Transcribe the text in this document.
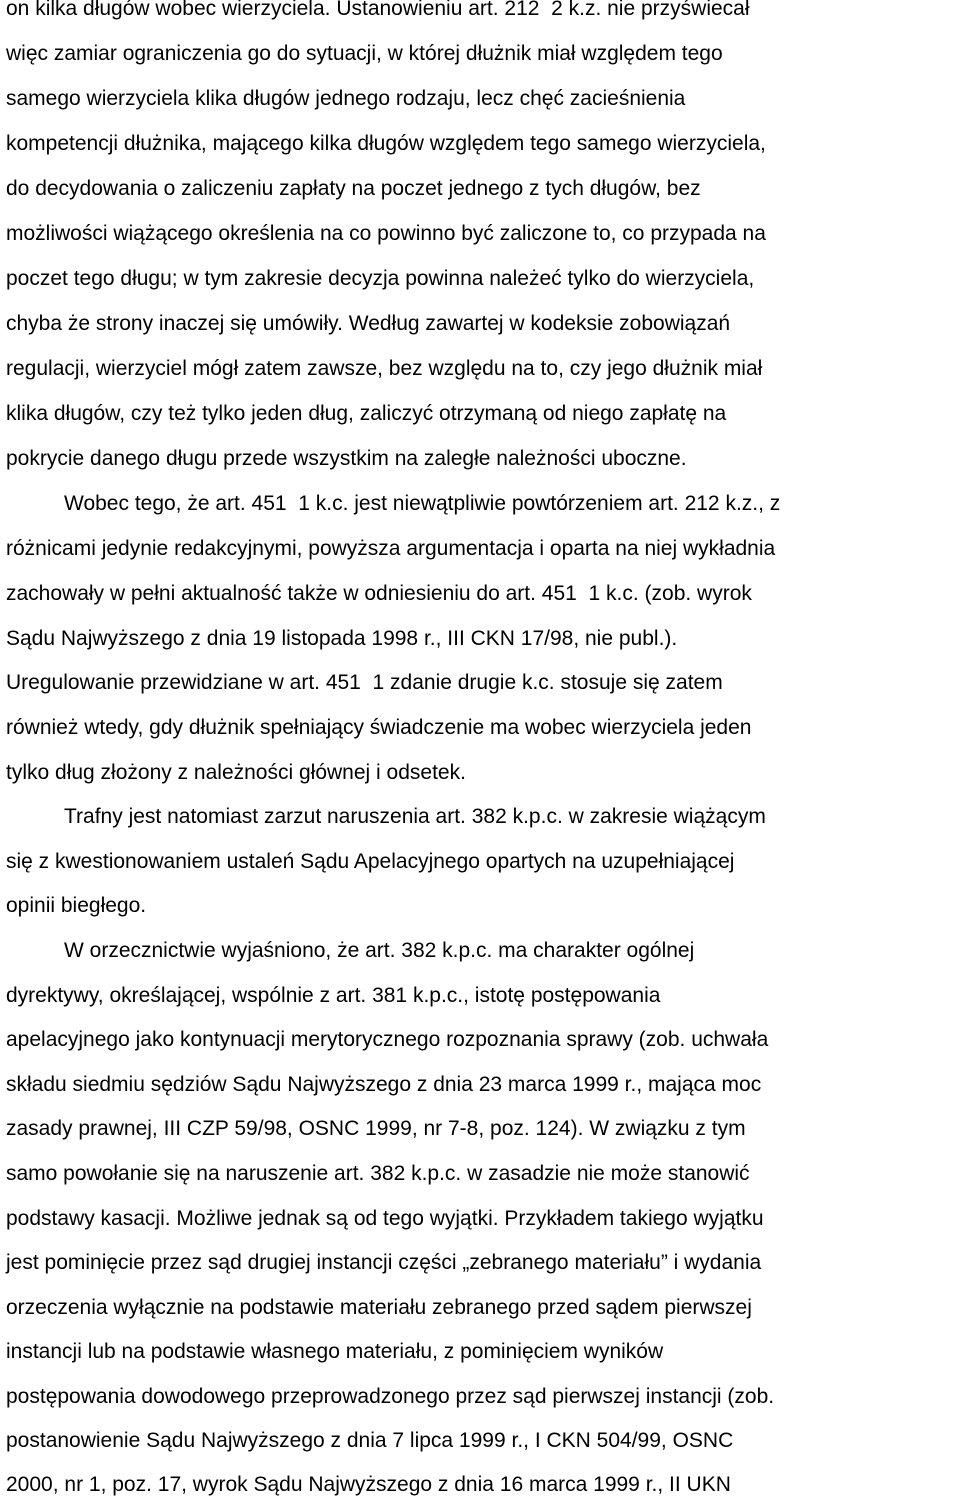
on kilka długów wobec wierzyciela. Ustanowieniu art. 212  2 k.z. nie przyświecał
więc zamiar ograniczenia go do sytuacji, w której dłużnik miał względem tego
samego wierzyciela klika długów jednego rodzaju, lecz chęć zacieśnienia
kompetencji dłużnika, mającego kilka długów względem tego samego wierzyciela,
do decydowania o zaliczeniu zapłaty na poczet jednego z tych długów, bez
możliwości wiążącego określenia na co powinno być zaliczone to, co przypada na
poczet tego długu; w tym zakresie decyzja powinna należeć tylko do wierzyciela,
chyba że strony inaczej się umówiły. Według zawartej w kodeksie zobowiązań
regulacji, wierzyciel mógł zatem zawsze, bez względu na to, czy jego dłużnik miał
klika długów, czy też tylko jeden dług, zaliczyć otrzymaną od niego zapłatę na
pokrycie danego długu przede wszystkim na zaległe należności uboczne.
Wobec tego, że art. 451  1 k.c. jest niewątpliwie powtórzeniem art. 212 k.z., z
różnicami jedynie redakcyjnymi, powyższa argumentacja i oparta na niej wykładnia
zachowały w pełni aktualność także w odniesieniu do art. 451  1 k.c. (zob. wyrok
Sądu Najwyższego z dnia 19 listopada 1998 r., III CKN 17/98, nie publ.).
Uregulowanie przewidziane w art. 451  1 zdanie drugie k.c. stosuje się zatem
również wtedy, gdy dłużnik spełniający świadczenie ma wobec wierzyciela jeden
tylko dług złożony z należności głównej i odsetek.
Trafny jest natomiast zarzut naruszenia art. 382 k.p.c. w zakresie wiążącym
się z kwestionowaniem ustaleń Sądu Apelacyjnego opartych na uzupełniającej
opinii biegłego.
W orzecznictwie wyjaśniono, że art. 382 k.p.c. ma charakter ogólnej
dyrektywy, określającej, wspólnie z art. 381 k.p.c., istotę postępowania
apelacyjnego jako kontynuacji merytorycznego rozpoznania sprawy (zob. uchwała
składu siedmiu sędziów Sądu Najwyższego z dnia 23 marca 1999 r., mająca moc
zasady prawnej, III CZP 59/98, OSNC 1999, nr 7-8, poz. 124). W związku z tym
samo powołanie się na naruszenie art. 382 k.p.c. w zasadzie nie może stanowić
podstawy kasacji. Możliwe jednak są od tego wyjątki. Przykładem takiego wyjątku
jest pominięcie przez sąd drugiej instancji części „zebranego materiału” i wydania
orzeczenia wyłącznie na podstawie materiału zebranego przed sądem pierwszej
instancji lub na podstawie własnego materiału, z pominięciem wyników
postępowania dowodowego przeprowadzonego przez sąd pierwszej instancji (zob.
postanowienie Sądu Najwyższego z dnia 7 lipca 1999 r., I CKN 504/99, OSNC
2000, nr 1, poz. 17, wyrok Sądu Najwyższego z dnia 16 marca 1999 r., II UKN
